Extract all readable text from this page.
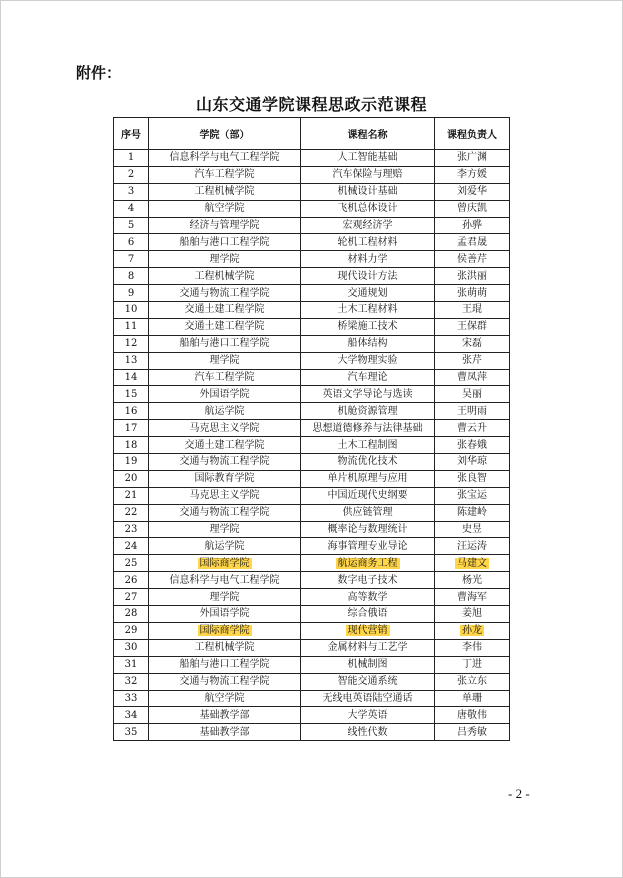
附件：
山东交通学院课程思政示范课程
序号	学院（部）	课程名称	课程负责人
1	信息科学与电气工程学院	人工智能基础	张广渊
2	汽车工程学院	汽车保险与理赔	李方媛
3	工程机械学院	机械设计基础	刘爱华
4	航空学院	飞机总体设计	曾庆凯
5	经济与管理学院	宏观经济学	孙骅
6	船舶与港口工程学院	轮机工程材料	孟君晟
7	理学院	材料力学	侯善芹
8	工程机械学院	现代设计方法	张洪丽
9	交通与物流工程学院	交通规划	张萌萌
10	交通土建工程学院	土木工程材料	王琨
11	交通土建工程学院	桥梁施工技术	王保群
12	船舶与港口工程学院	船体结构	宋磊
13	理学院	大学物理实验	张芹
14	汽车工程学院	汽车理论	曹凤萍
15	外国语学院	英语文学导论与选读	吴丽
16	航运学院	机舱资源管理	王明雨
17	马克思主义学院	思想道德修养与法律基础	曹云升
18	交通土建工程学院	土木工程制图	张春娥
19	交通与物流工程学院	物流优化技术	刘华琼
20	国际教育学院	单片机原理与应用	张良智
21	马克思主义学院	中国近现代史纲要	张宝运
22	交通与物流工程学院	供应链管理	陈建岭
23	理学院	概率论与数理统计	史昱
24	航运学院	海事管理专业导论	汪运涛
25	国际商学院	航运商务工程	马建文
26	信息科学与电气工程学院	数字电子技术	杨光
27	理学院	高等数学	曹海军
28	外国语学院	综合俄语	姜旭
29	国际商学院	现代营销	孙龙
30	工程机械学院	金属材料与工艺学	李伟
31	船舶与港口工程学院	机械制图	丁进
32	交通与物流工程学院	智能交通系统	张立东
33	航空学院	无线电英语陆空通话	单珊
34	基础教学部	大学英语	唐敬伟
35	基础教学部	线性代数	吕秀敏
- 2 -
